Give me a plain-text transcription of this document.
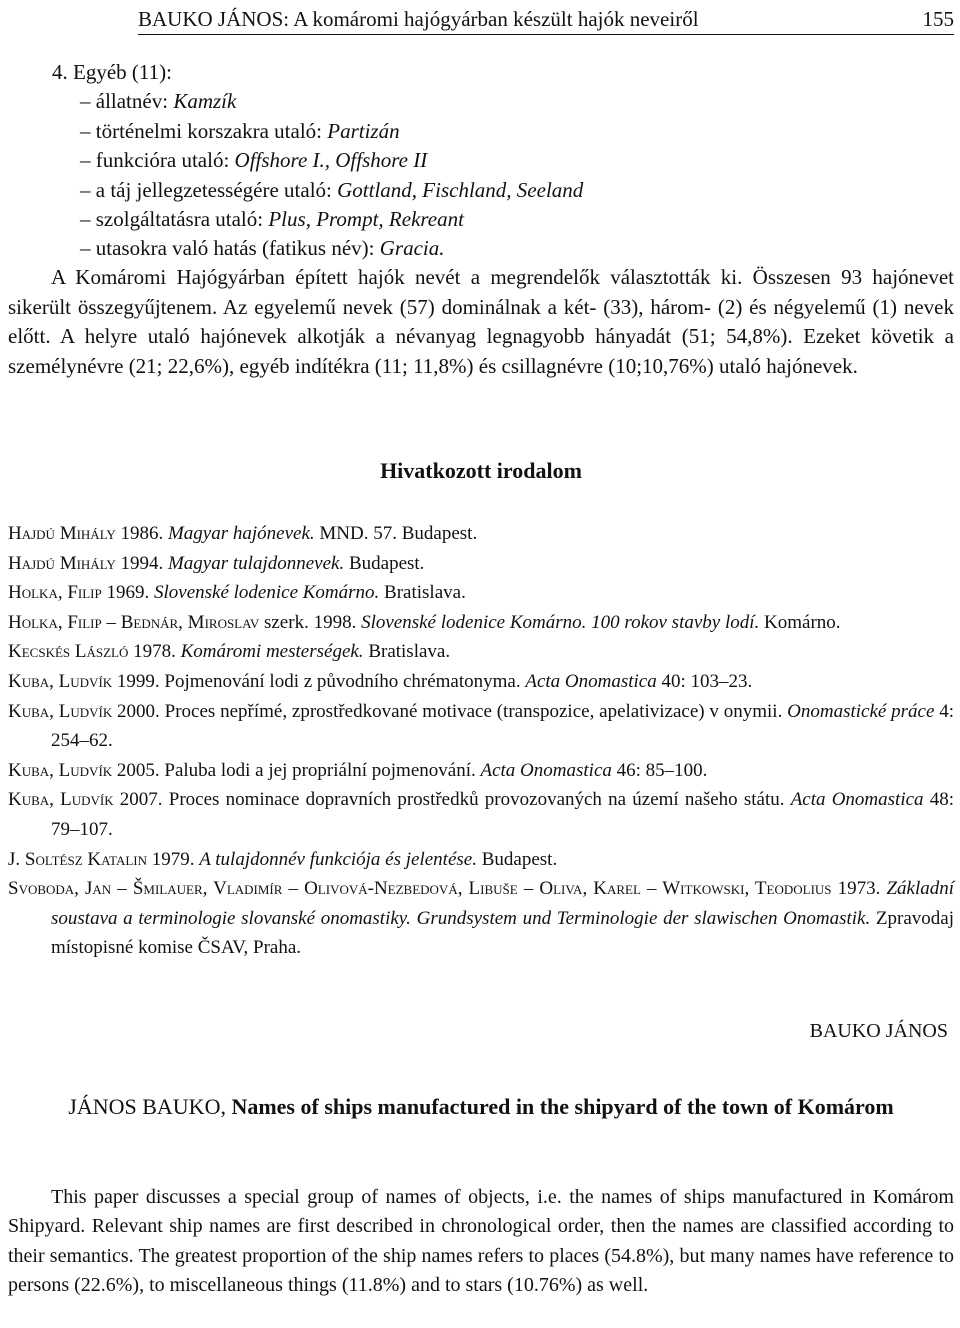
BAUKO JÁNOS: A komáromi hajógyárban készült hajók neveiről	155
4. Egyéb (11):
– állatnév: Kamzík
– történelmi korszakra utaló: Partizán
– funkcióra utaló: Offshore I., Offshore II
– a táj jellegzetességére utaló: Gottland, Fischland, Seeland
– szolgáltatásra utaló: Plus, Prompt, Rekreant
– utasokra való hatás (fatikus név): Gracia.
A Komáromi Hajógyárban épített hajók nevét a megrendelők választották ki. Összesen 93 hajónevet sikerült összegyűjtenem. Az egyelemű nevek (57) dominálnak a két- (33), három- (2) és négyelemű (1) nevek előtt. A helyre utaló hajónevek alkotják a névanyag legnagyobb hányadát (51; 54,8%). Ezeket követik a személynévre (21; 22,6%), egyéb indítékra (11; 11,8%) és csillagnévre (10;10,76%) utaló hajónevek.
Hivatkozott irodalom
Hajdú Mihály 1986. Magyar hajónevek. MND. 57. Budapest.
Hajdú Mihály 1994. Magyar tulajdonnevek. Budapest.
Holka, Filip 1969. Slovenské lodenice Komárno. Bratislava.
Holka, Filip – Bednár, Miroslav szerk. 1998. Slovenské lodenice Komárno. 100 rokov stavby lodí. Komárno.
Kecskés László 1978. Komáromi mesterségek. Bratislava.
Kuba, Ludvík 1999. Pojmenování lodi z původního chrématonyma. Acta Onomastica 40: 103–23.
Kuba, Ludvík 2000. Proces nepřímé, zprostředkované motivace (transpozice, apelativizace) v onymii. Onomastické práce 4: 254–62.
Kuba, Ludvík 2005. Paluba lodi a jej propriální pojmenování. Acta Onomastica 46: 85–100.
Kuba, Ludvík 2007. Proces nominace dopravních prostředků provozovaných na území našeho státu. Acta Onomastica 48: 79–107.
J. Soltész Katalin 1979. A tulajdonnév funkciója és jelentése. Budapest.
Svoboda, Jan – Šmilauer, Vladimír – Olivová-Nezbedová, Libuše – Oliva, Karel – Witkowski, Teodolius 1973. Základní soustava a terminologie slovanské onomastiky. Grundsystem und Terminologie der slawischen Onomastik. Zpravodaj místopisné komise ČSAV, Praha.
BAUKO JÁNOS
JÁNOS BAUKO, Names of ships manufactured in the shipyard of the town of Komárom
This paper discusses a special group of names of objects, i.e. the names of ships manufactured in Komárom Shipyard. Relevant ship names are first described in chronological order, then the names are classified according to their semantics. The greatest proportion of the ship names refers to places (54.8%), but many names have reference to persons (22.6%), to miscellaneous things (11.8%) and to stars (10.76%) as well.
